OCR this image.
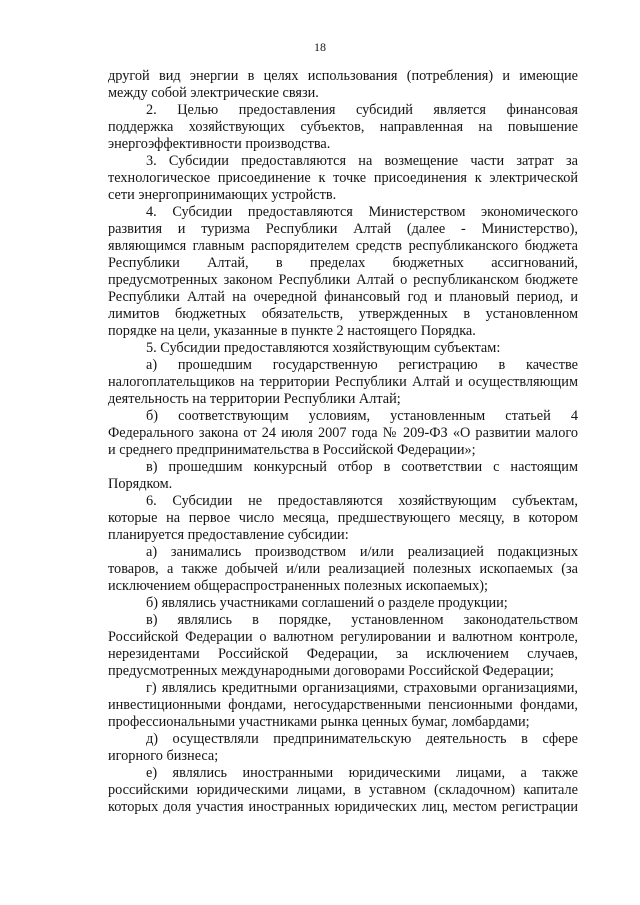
18
другой вид энергии в целях использования (потребления) и имеющие
между собой электрические связи.
2. Целью предоставления субсидий является финансовая
поддержка хозяйствующих субъектов, направленная на повышение
энергоэффективности производства.
3. Субсидии предоставляются на возмещение части затрат за
технологическое присоединение к точке присоединения к электрической
сети энергопринимающих устройств.
4. Субсидии предоставляются Министерством экономического
развития и туризма Республики Алтай (далее - Министерство),
являющимся главным распорядителем средств республиканского бюджета
Республики Алтай, в пределах бюджетных ассигнований,
предусмотренных законом Республики Алтай о республиканском бюджете
Республики Алтай на очередной финансовый год и плановый период, и
лимитов бюджетных обязательств, утвержденных в установленном
порядке на цели, указанные в пункте 2 настоящего Порядка.
5. Субсидии предоставляются хозяйствующим субъектам:
а) прошедшим государственную регистрацию в качестве
налогоплательщиков на территории Республики Алтай и осуществляющим
деятельность на территории Республики Алтай;
б) соответствующим условиям, установленным статьей 4
Федерального закона от 24 июля 2007 года № 209-ФЗ «О развитии малого
и среднего предпринимательства в Российской Федерации»;
в) прошедшим конкурсный отбор в соответствии с настоящим
Порядком.
6. Субсидии не предоставляются хозяйствующим субъектам,
которые на первое число месяца, предшествующего месяцу, в котором
планируется предоставление субсидии:
а) занимались производством и/или реализацией подакцизных
товаров, а также добычей и/или реализацией полезных ископаемых (за
исключением общераспространенных полезных ископаемых);
б) являлись участниками соглашений о разделе продукции;
в) являлись в порядке, установленном законодательством
Российской Федерации о валютном регулировании и валютном контроле,
нерезидентами Российской Федерации, за исключением случаев,
предусмотренных международными договорами Российской Федерации;
г) являлись кредитными организациями, страховыми организациями,
инвестиционными фондами, негосударственными пенсионными фондами,
профессиональными участниками рынка ценных бумаг, ломбардами;
д) осуществляли предпринимательскую деятельность в сфере
игорного бизнеса;
е) являлись иностранными юридическими лицами, а также
российскими юридическими лицами, в уставном (складочном) капитале
которых доля участия иностранных юридических лиц, местом регистрации
